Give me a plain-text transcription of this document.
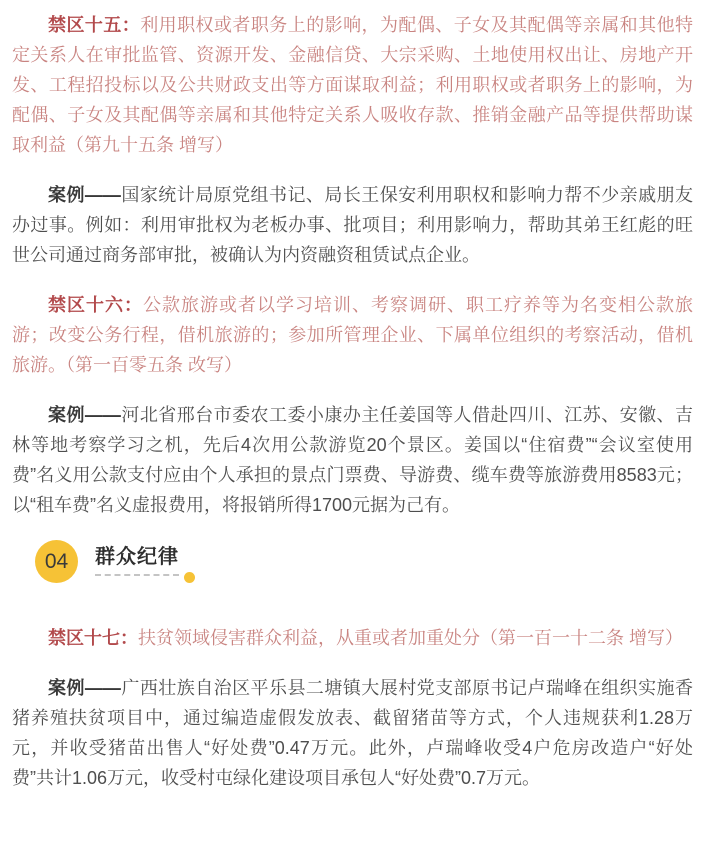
禁区十五：利用职权或者职务上的影响，为配偶、子女及其配偶等亲属和其他特定关系人在审批监管、资源开发、金融信贷、大宗采购、土地使用权出让、房地产开发、工程招投标以及公共财政支出等方面谋取利益；利用职权或者职务上的影响，为配偶、子女及其配偶等亲属和其他特定关系人吸收存款、推销金融产品等提供帮助谋取利益（第九十五条 增写）

案例——国家统计局原党组书记、局长王保安利用职权和影响力帮不少亲戚朋友办过事。例如：利用审批权为老板办事、批项目；利用影响力，帮助其弟王红彪的旺世公司通过商务部审批，被确认为内资融资租赁试点企业。

禁区十六：公款旅游或者以学习培训、考察调研、职工疗养等为名变相公款旅游；改变公务行程，借机旅游的；参加所管理企业、下属单位组织的考察活动，借机旅游。（第一百零五条 改写）

案例——河北省邢台市委农工委小康办主任姜国等人借赴四川、江苏、安徽、吉林等地考察学习之机，先后4次用公款游览20个景区。姜国以“住宿费”“会议室使用费”名义用公款支付应由个人承担的景点门票费、导游费、缆车费等旅游费用8583元；以“租车费”名义虚报费用，将报销所得1700元据为己有。

04	群众纪律

禁区十七：扶贫领域侵害群众利益，从重或者加重处分（第一百一十二条 增写）

案例——广西壮族自治区平乐县二塘镇大展村党支部原书记卢瑞峰在组织实施香猪养殖扶贫项目中，通过编造虚假发放表、截留猪苗等方式，个人违规获利1.28万元，并收受猪苗出售人“好处费”0.47万元。此外，卢瑞峰收受4户危房改造户“好处费”共计1.06万元，收受村屯绿化建设项目承包人“好处费”0.7万元。
